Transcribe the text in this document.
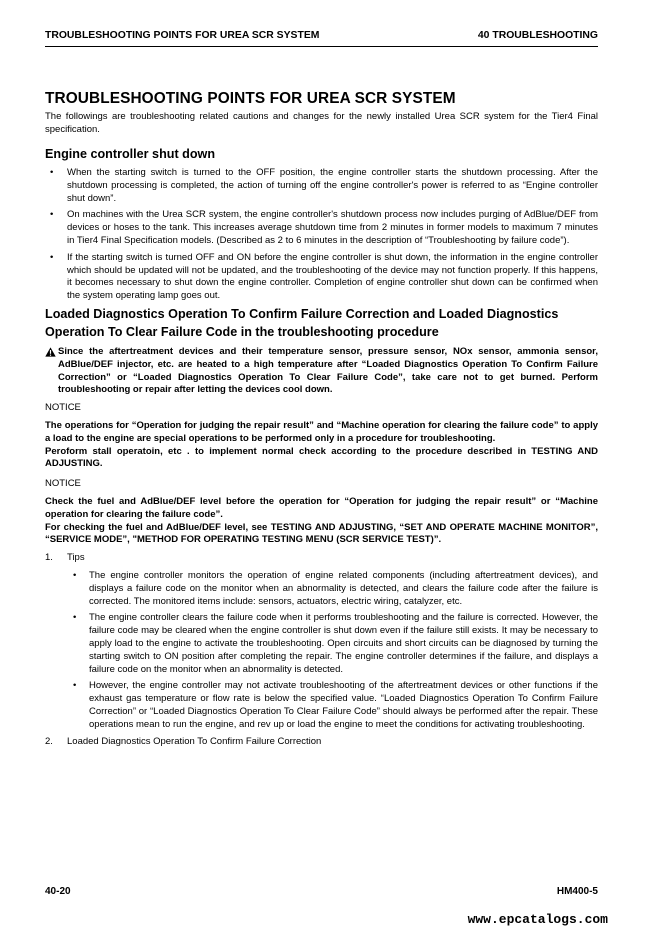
TROUBLESHOOTING POINTS FOR UREA SCR SYSTEM	40 TROUBLESHOOTING
TROUBLESHOOTING POINTS FOR UREA SCR SYSTEM

The followings are troubleshooting related cautions and changes for the newly installed Urea SCR system for the Tier4 Final specification.

Engine controller shut down
• When the starting switch is turned to the OFF position, the engine controller starts the shutdown processing. After the shutdown processing is completed, the action of turning off the engine controller's power is referred to as “Engine controller shut down”.
• On machines with the Urea SCR system, the engine controller's shutdown process now includes purging of AdBlue/DEF from devices or hoses to the tank. This increases average shutdown time from 2 minutes in former models to maximum 7 minutes in Tier4 Final Specification models. (Described as 2 to 6 minutes in the description of “Troubleshooting by failure code”).
• If the starting switch is turned OFF and ON before the engine controller is shut down, the information in the engine controller which should be updated will not be updated, and the troubleshooting of the device may not function properly. If this happens, it becomes necessary to shut down the engine controller. Completion of engine controller shut down can be confirmed when the system operating lamp goes out.
Loaded Diagnostics Operation To Confirm Failure Correction and Loaded Diagnostics Operation To Clear Failure Code in the troubleshooting procedure
Since the aftertreatment devices and their temperature sensor, pressure sensor, NOx sensor, ammonia sensor, AdBlue/DEF injector, etc. are heated to a high temperature after “Loaded Diagnostics Operation To Confirm Failure Correction” or “Loaded Diagnostics Operation To Clear Failure Code”, take care not to get burned. Perform troubleshooting or repair after letting the devices cool down.

NOTICE

The operations for “Operation for judging the repair result” and “Machine operation for clearing the failure code” to apply a load to the engine are special operations to be performed only in a procedure for troubleshooting.

Peroform stall operatoin, etc . to implement normal check according to the procedure described in TESTING AND ADJUSTING.

NOTICE

Check the fuel and AdBlue/DEF level before the operation for “Operation for judging the repair result” or “Machine operation for clearing the failure code”.

For checking the fuel and AdBlue/DEF level, see TESTING AND ADJUSTING, “SET AND OPERATE MACHINE MONITOR”, “SERVICE MODE”, "METHOD FOR OPERATING TESTING MENU (SCR SERVICE TEST)”.

1. Tips
• The engine controller monitors the operation of engine related components (including aftertreatment devices), and displays a failure code on the monitor when an abnormality is detected, and clears the failure code after the failure is corrected. The monitored items include: sensors, actuators, electric wiring, catalyzer, etc.
• The engine controller clears the failure code when it performs troubleshooting and the failure is corrected. However, the failure code may be cleared when the engine controller is shut down even if the failure still exists. It may be necessary to apply load to the engine to activate the troubleshooting. Open circuits and short circuits can be diagnosed by turning the starting switch to ON position after completing the repair. The engine controller determines if the failure, and displays a failure code on the monitor when an abnormality is detected.
• However, the engine controller may not activate troubleshooting of the aftertreatment devices or other functions if the exhaust gas temperature or flow rate is below the specified value. “Loaded Diagnostics Operation To Confirm Failure Correction” or “Loaded Diagnostics Operation To Clear Failure Code” should always be performed after the repair. These operations mean to run the engine, and rev up or load the engine to meet the conditions for activating troubleshooting.
2. Loaded Diagnostics Operation To Confirm Failure Correction
40-20	HM400-5
www.epcatalogs.com
